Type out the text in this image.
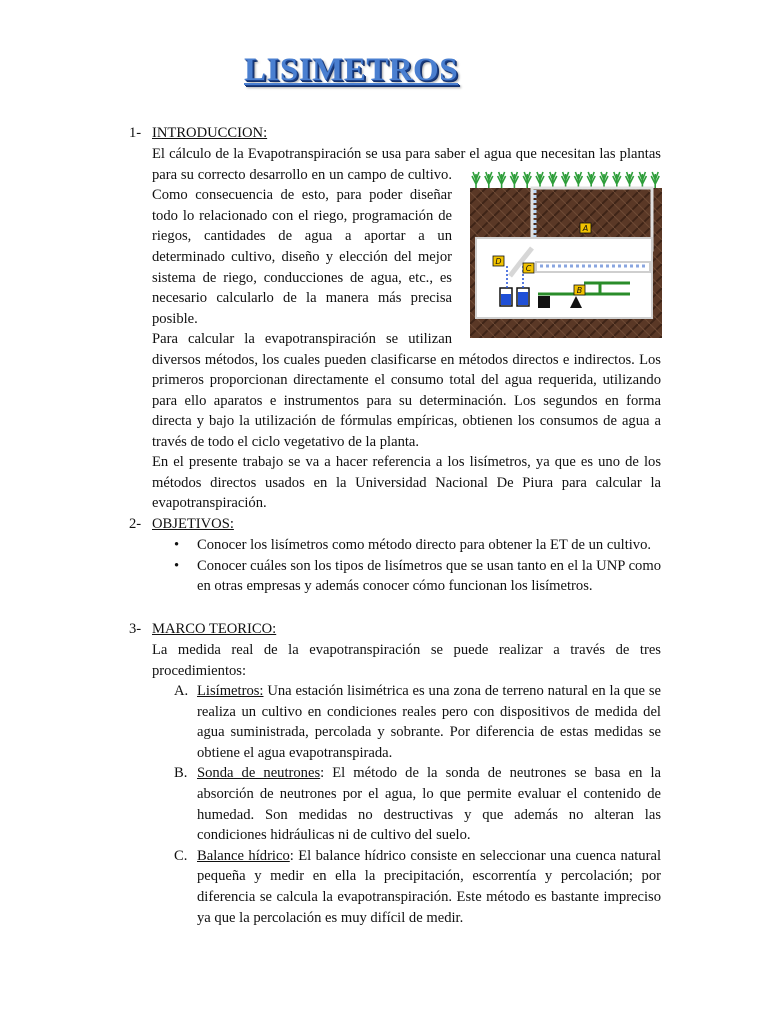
LISIMETROS
1- INTRODUCCION:
El cálculo de la Evapotranspiración se usa para saber el agua que necesitan las plantas
para su correcto desarrollo en un campo de cultivo.
Como consecuencia de esto, para poder diseñar
todo lo relacionado con el riego, programación de
riegos, cantidades de agua a aportar a un
determinado cultivo, diseño y elección del mejor
sistema de riego, conducciones de agua, etc., es
necesario calcularlo de la manera más precisa
posible.
Para calcular la evapotranspiración se utilizan
diversos métodos, los cuales pueden clasificarse en métodos directos e indirectos. Los
primeros proporcionan directamente el consumo total del agua requerida, utilizando
para ello aparatos e instrumentos para su determinación. Los segundos en forma
directa y bajo la utilización de fórmulas empíricas, obtienen los consumos de agua a
través de todo el ciclo vegetativo de la planta.
En el presente trabajo se va a hacer referencia a los lisímetros, ya que es uno de los métodos directos usados en la Universidad Nacional De Piura para calcular la evapotranspiración.
2- OBJETIVOS:
• Conocer los lisímetros como método directo para obtener la ET de un cultivo.
• Conocer cuáles son los tipos de lisímetros que se usan tanto en el la UNP como en otras empresas y además conocer cómo funcionan los lisímetros.
3- MARCO TEORICO:
La medida real de la evapotranspiración se puede realizar a través de tres procedimientos:
A. Lisímetros: Una estación lisimétrica es una zona de terreno natural en la que se realiza un cultivo en condiciones reales pero con dispositivos de medida del agua suministrada, percolada y sobrante. Por diferencia de estas medidas se obtiene el agua evapotranspirada.
B. Sonda de neutrones: El método de la sonda de neutrones se basa en la absorción de neutrones por el agua, lo que permite evaluar el contenido de humedad. Son medidas no destructivas y que además no alteran las condiciones hidráulicas ni de cultivo del suelo.
C. Balance hídrico: El balance hídrico consiste en seleccionar una cuenca natural pequeña y medir en ella la precipitación, escorrentía y percolación; por diferencia se calcula la evapotranspiración. Este método es bastante impreciso ya que la percolación es muy difícil de medir.
A
B
C
D
